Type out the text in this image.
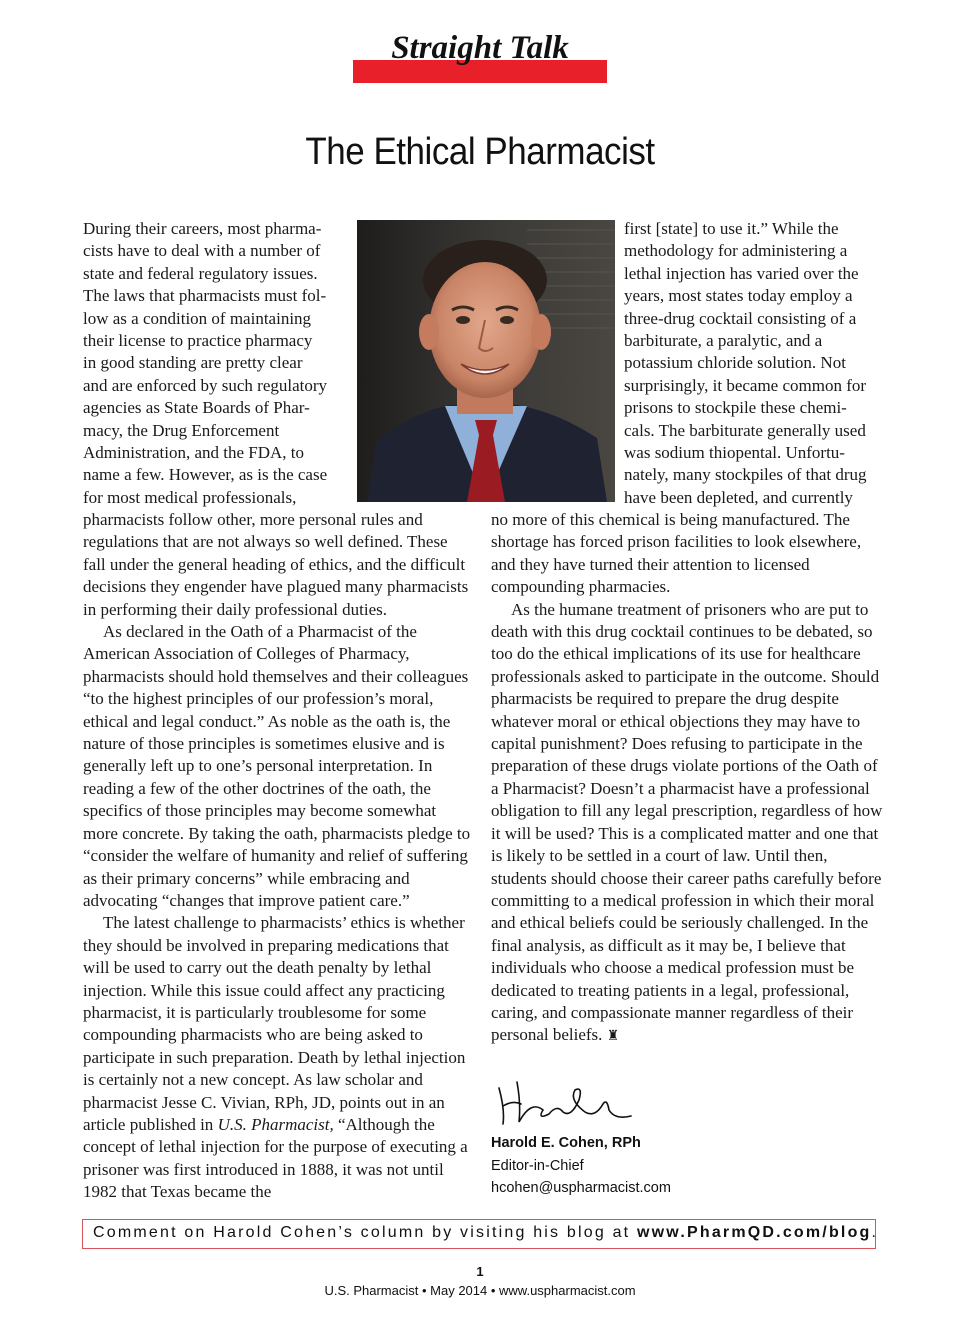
Straight Talk
The Ethical Pharmacist
During their careers, most pharma-
cists have to deal with a number of
state and federal regulatory issues.
The laws that pharmacists must fol-
low as a condition of maintaining
their license to practice pharmacy
in good standing are pretty clear
and are enforced by such regulatory
agencies as State Boards of Phar-
macy, the Drug Enforcement
Administration, and the FDA, to
name a few. However, as is the case
for most medical professionals,

pharmacists follow other, more personal rules and regulations that are not always so well defined. These fall under the general heading of ethics, and the difficult decisions they engender have plagued many pharmacists in performing their daily professional duties.

As declared in the Oath of a Pharmacist of the American Association of Colleges of Pharmacy, pharmacists should hold themselves and their colleagues “to the highest principles of our profession’s moral, ethical and legal conduct.” As noble as the oath is, the nature of those principles is sometimes elusive and is generally left up to one’s personal interpretation. In reading a few of the other doctrines of the oath, the specifics of those principles may become somewhat more concrete. By taking the oath, pharmacists pledge to “consider the welfare of humanity and relief of suffering as their primary concerns” while embracing and advocating “changes that improve patient care.”

The latest challenge to pharmacists’ ethics is whether they should be involved in preparing medications that will be used to carry out the death penalty by lethal injection. While this issue could affect any practicing pharmacist, it is particularly troublesome for some compounding pharmacists who are being asked to participate in such preparation. Death by lethal injection is certainly not a new concept. As law scholar and pharmacist Jesse C. Vivian, RPh, JD, points out in an article published in U.S. Pharmacist, “Although the concept of lethal injection for the purpose of executing a prisoner was first introduced in 1888, it was not until 1982 that Texas became the

first [state] to use it.” While the
methodology for administering a
lethal injection has varied over the
years, most states today employ a
three-drug cocktail consisting of a
barbiturate, a paralytic, and a
potassium chloride solution. Not
surprisingly, it became common for
prisons to stockpile these chemi-
cals. The barbiturate generally used
was sodium thiopental. Unfortu-
nately, many stockpiles of that drug
have been depleted, and currently

no more of this chemical is being manufactured. The shortage has forced prison facilities to look elsewhere, and they have turned their attention to licensed compounding pharmacies.

As the humane treatment of prisoners who are put to death with this drug cocktail continues to be debated, so too do the ethical implications of its use for healthcare professionals asked to participate in the outcome. Should pharmacists be required to prepare the drug despite whatever moral or ethical objections they may have to capital punishment? Does refusing to participate in the preparation of these drugs violate portions of the Oath of a Pharmacist? Doesn’t a pharmacist have a professional obligation to fill any legal prescription, regardless of how it will be used? This is a complicated matter and one that is likely to be settled in a court of law. Until then, students should choose their career paths carefully before committing to a medical profession in which their moral and ethical beliefs could be seriously challenged. In the final analysis, as difficult as it may be, I believe that individuals who choose a medical profession must be dedicated to treating patients in a legal, professional, caring, and compassionate manner regardless of their personal beliefs. ♜

Harold E. Cohen, RPh
Editor-in-Chief
hcohen@uspharmacist.com
Comment on Harold Cohen’s column by visiting his blog at www.PharmQD.com/blog.
1
U.S. Pharmacist • May 2014 • www.uspharmacist.com
